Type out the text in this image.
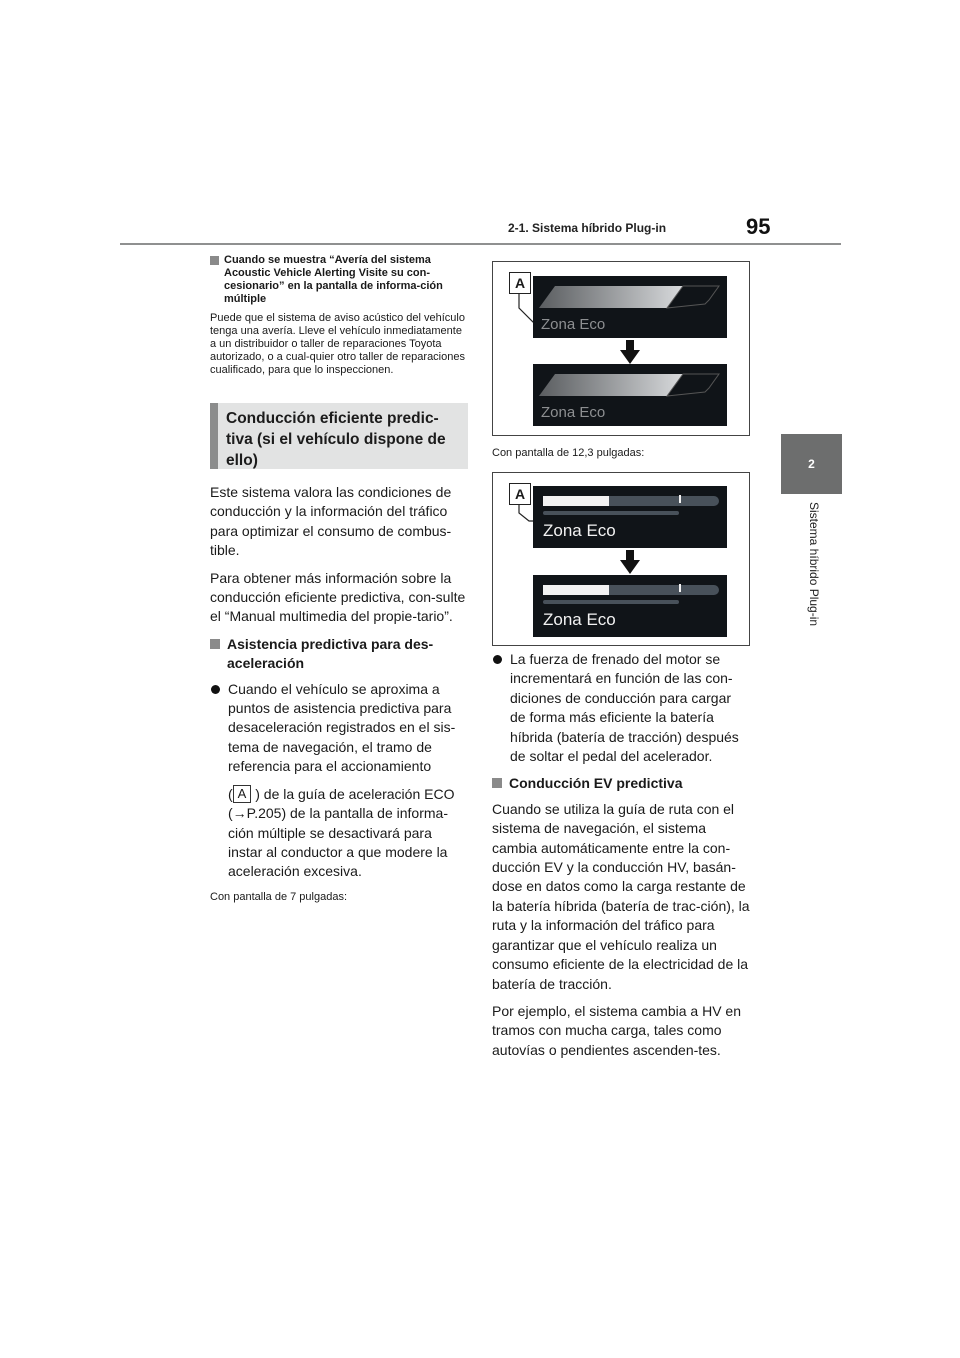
2-1. Sistema híbrido Plug-in	95
2
Sistema híbrido Plug-in
Cuando se muestra “Avería del sistema Acoustic Vehicle Alerting Visite su con-cesionario” en la pantalla de informa-ción múltiple

Puede que el sistema de aviso acústico del vehículo tenga una avería. Lleve el vehículo inmediatamente a un distribuidor o taller de reparaciones Toyota autorizado, o a cual-quier otro taller de reparaciones cualificado, para que lo inspeccionen.

Conducción eficiente predic-tiva (si el vehículo dispone de ello)

Este sistema valora las condiciones de conducción y la información del tráfico para optimizar el consumo de combus-tible.

Para obtener más información sobre la conducción eficiente predictiva, con-sulte el “Manual multimedia del propie-tario”.

Asistencia predictiva para des-aceleración
Cuando el vehículo se aproxima a puntos de asistencia predictiva para desaceleración registrados en el sis-tema de navegación, el tramo de referencia para el accionamiento
( A ) de la guía de aceleración ECO
(→P.205) de la pantalla de informa-ción múltiple se desactivará para instar al conductor a que modere la aceleración excesiva.

Con pantalla de 7 pulgadas:

A
Zona Eco
Zona Eco
Con pantalla de 12,3 pulgadas:
A
Zona Eco
Zona Eco
La fuerza de frenado del motor se incrementará en función de las con-diciones de conducción para cargar de forma más eficiente la batería híbrida (batería de tracción) después de soltar el pedal del acelerador.
Conducción EV predictiva

Cuando se utiliza la guía de ruta con el sistema de navegación, el sistema cambia automáticamente entre la con-ducción EV y la conducción HV, basán-dose en datos como la carga restante de la batería híbrida (batería de trac-ción), la ruta y la información del tráfico para garantizar que el vehículo realiza un consumo eficiente de la electricidad de la batería de tracción.

Por ejemplo, el sistema cambia a HV en tramos con mucha carga, tales como autovías o pendientes ascenden-tes.
